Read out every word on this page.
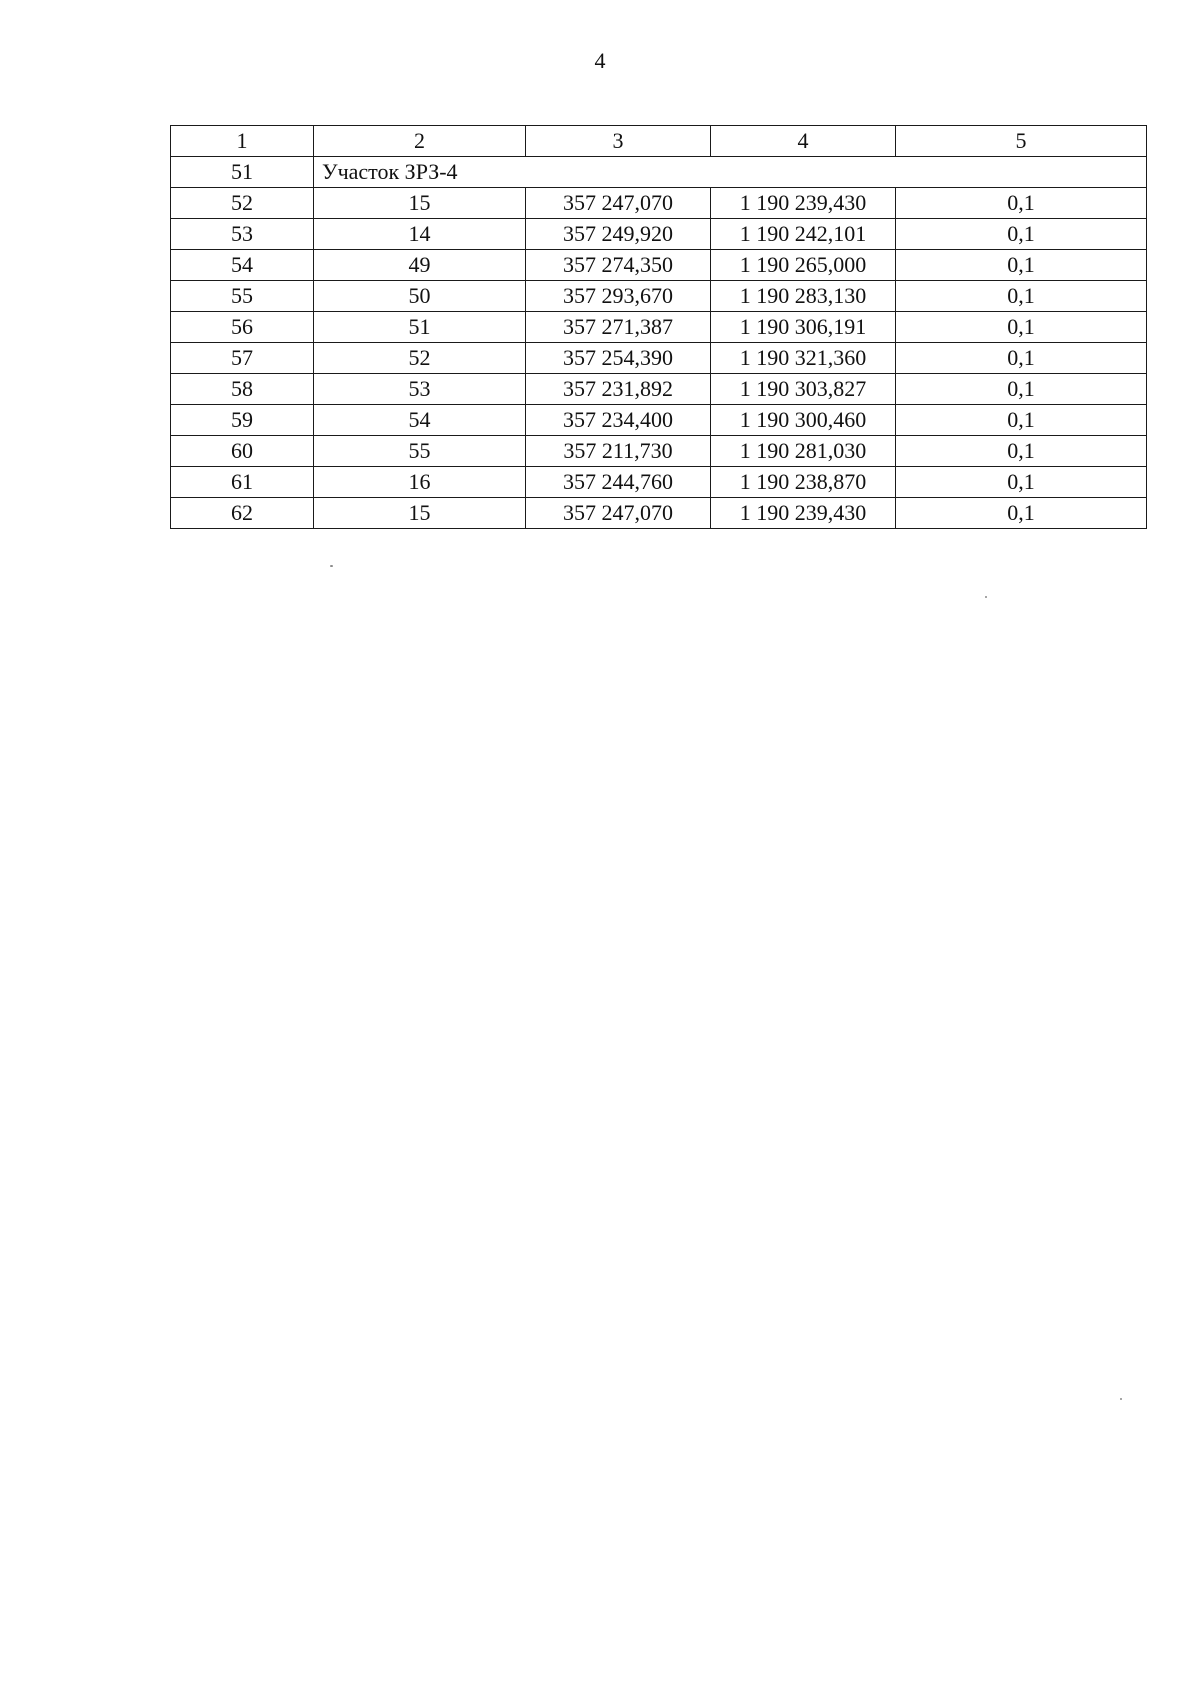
4
1	2	3	4	5
51	Участок ЗРЗ-4			
52	15	357 247,070	1 190 239,430	0,1
53	14	357 249,920	1 190 242,101	0,1
54	49	357 274,350	1 190 265,000	0,1
55	50	357 293,670	1 190 283,130	0,1
56	51	357 271,387	1 190 306,191	0,1
57	52	357 254,390	1 190 321,360	0,1
58	53	357 231,892	1 190 303,827	0,1
59	54	357 234,400	1 190 300,460	0,1
60	55	357 211,730	1 190 281,030	0,1
61	16	357 244,760	1 190 238,870	0,1
62	15	357 247,070	1 190 239,430	0,1
